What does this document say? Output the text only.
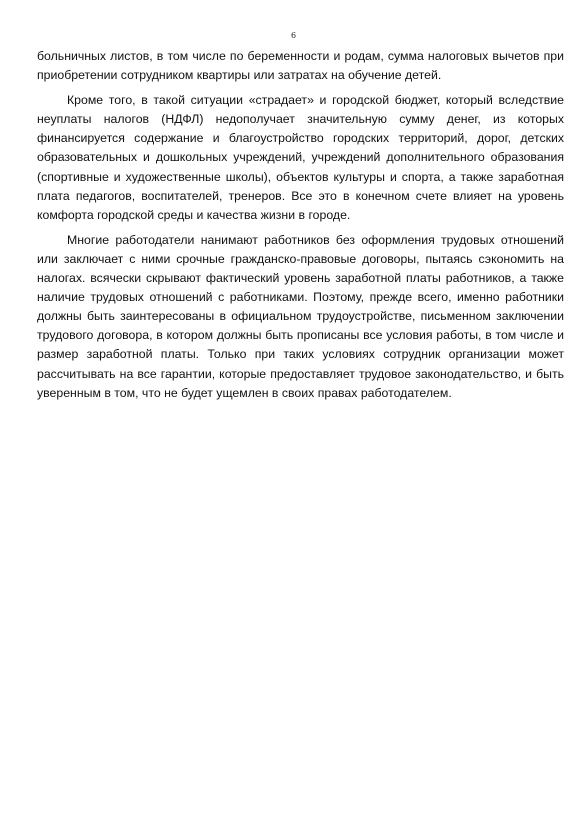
6

больничных листов, в том числе по беременности и родам, сумма налоговых вычетов при приобретении сотрудником квартиры или затратах на обучение детей.

Кроме того, в такой ситуации «страдает» и городской бюджет, который вследствие неуплаты налогов (НДФЛ) недополучает значительную сумму денег, из которых финансируется содержание и благоустройство городских территорий, дорог, детских образовательных и дошкольных учреждений, учреждений дополнительного образования (спортивные и художественные школы), объектов культуры и спорта, а также заработная плата педагогов, воспитателей, тренеров. Все это в конечном счете влияет на уровень комфорта городской среды и качества жизни в городе.

Многие работодатели нанимают работников без оформления трудовых отношений или заключает с ними срочные гражданско-правовые договоры, пытаясь сэкономить на налогах. всячески скрывают фактический уровень заработной платы работников, а также наличие трудовых отношений с работниками. Поэтому, прежде всего, именно работники должны быть заинтересованы в официальном трудоустройстве, письменном заключении трудового договора, в котором должны быть прописаны все условия работы, в том числе и размер заработной платы. Только при таких условиях сотрудник организации может рассчитывать на все гарантии, которые предоставляет трудовое законодательство, и быть уверенным в том, что не будет ущемлен в своих правах работодателем.
